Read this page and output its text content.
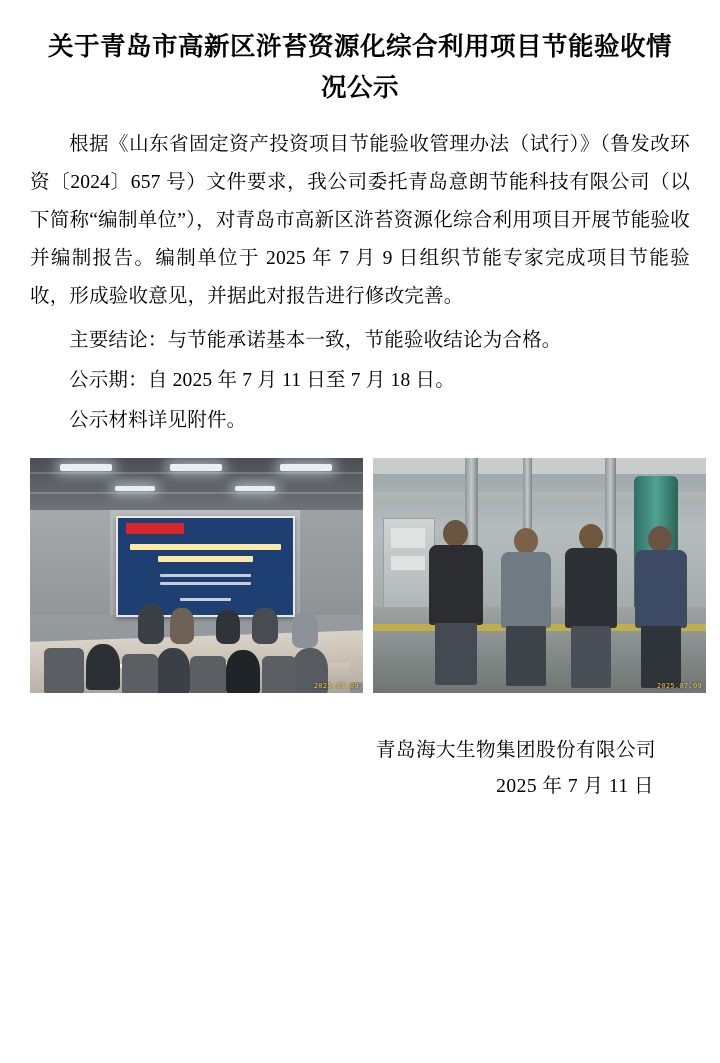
关于青岛市高新区浒苔资源化综合利用项目节能验收情况公示

根据《山东省固定资产投资项目节能验收管理办法（试行）》（鲁发改环资〔2024〕657 号）文件要求，我公司委托青岛意朗节能科技有限公司（以下简称“编制单位”），对青岛市高新区浒苔资源化综合利用项目开展节能验收并编制报告。编制单位于 2025 年 7 月 9 日组织节能专家完成项目节能验收，形成验收意见，并据此对报告进行修改完善。

主要结论：与节能承诺基本一致，节能验收结论为合格。

公示期：自 2025 年 7 月 11 日至 7 月 18 日。

公示材料详见附件。

2025.07.09	2025.07.09
青岛海大生物集团股份有限公司
2025 年 7 月 11 日
